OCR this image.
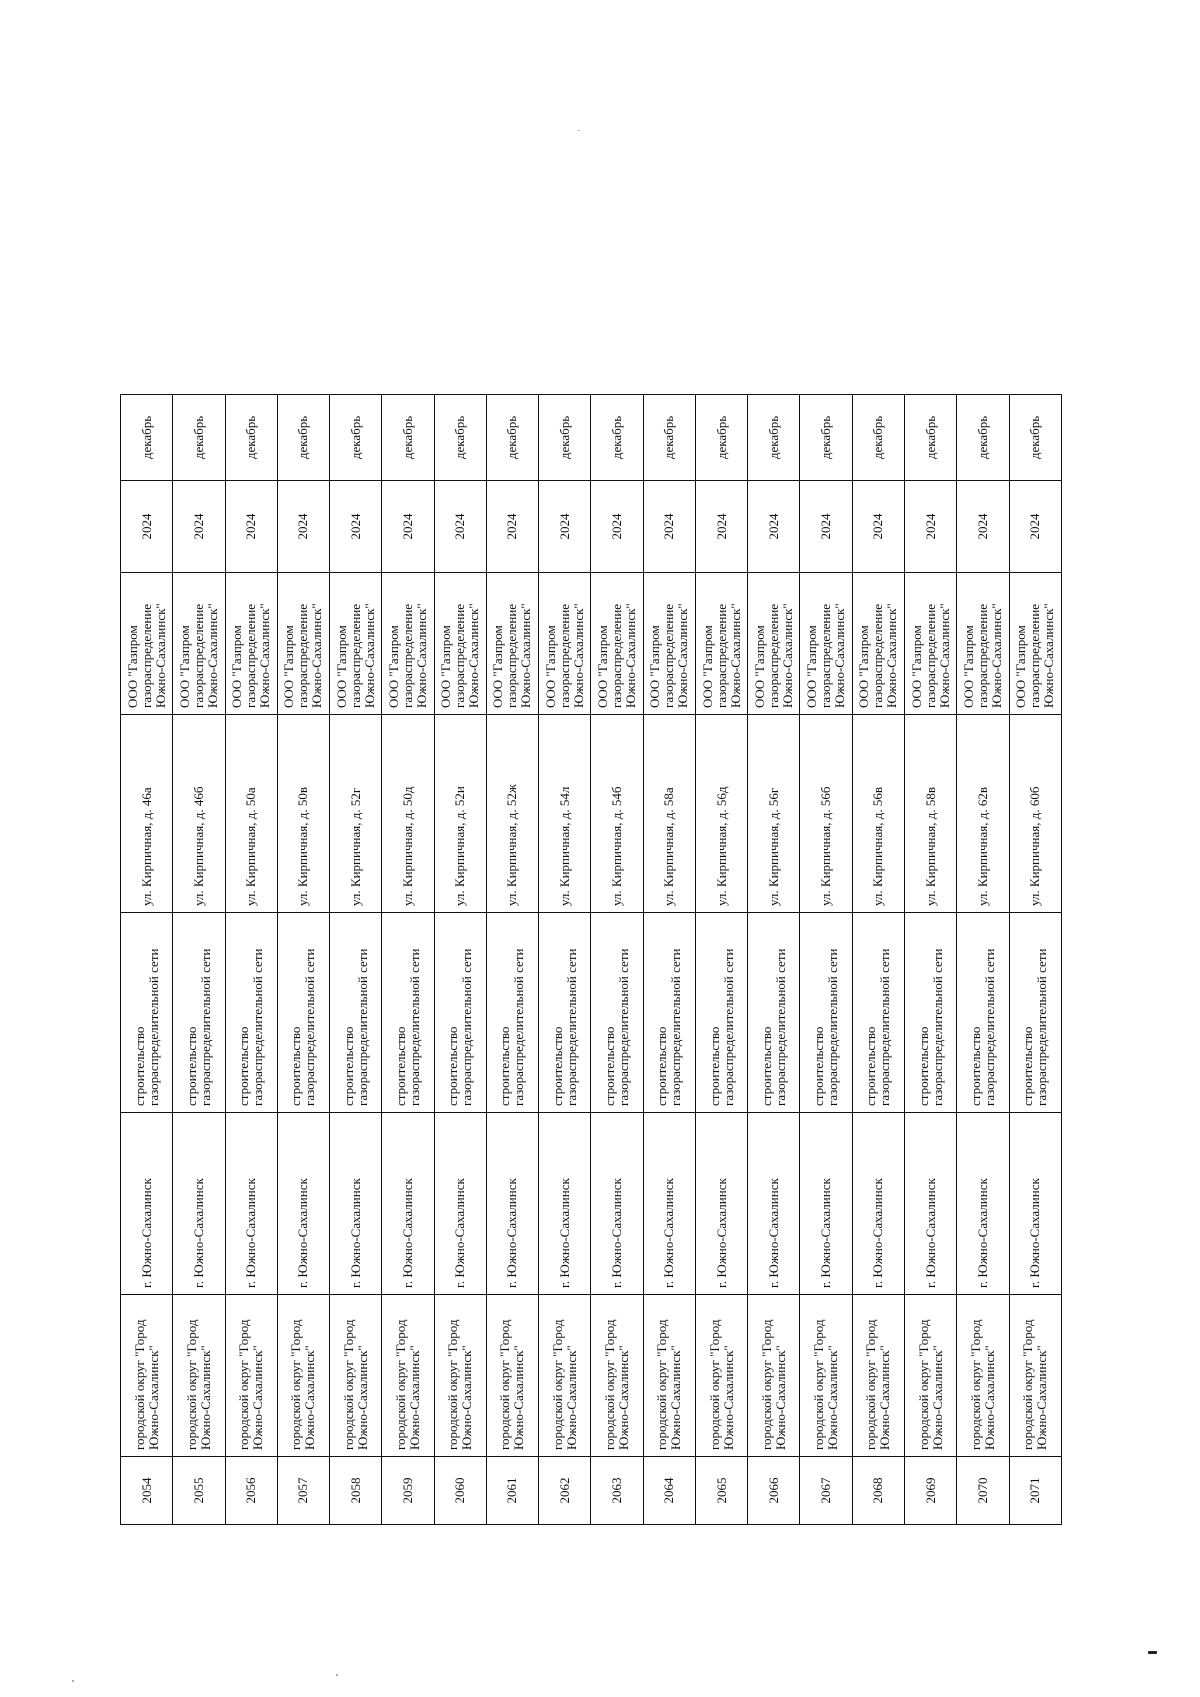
2054	городской округ "Город Южно-Сахалинск"	г. Южно-Сахалинск	строительство газораспределительной сети	ул. Кирпичная, д. 46а	ООО "Газпром газораспределение Южно-Сахалинск"	2024	декабрь
2055	городской округ "Город Южно-Сахалинск"	г. Южно-Сахалинск	строительство газораспределительной сети	ул. Кирпичная, д. 46б	ООО "Газпром газораспределение Южно-Сахалинск"	2024	декабрь
2056	городской округ "Город Южно-Сахалинск"	г. Южно-Сахалинск	строительство газораспределительной сети	ул. Кирпичная, д. 50а	ООО "Газпром газораспределение Южно-Сахалинск"	2024	декабрь
2057	городской округ "Город Южно-Сахалинск"	г. Южно-Сахалинск	строительство газораспределительной сети	ул. Кирпичная, д. 50в	ООО "Газпром газораспределение Южно-Сахалинск"	2024	декабрь
2058	городской округ "Город Южно-Сахалинск"	г. Южно-Сахалинск	строительство газораспределительной сети	ул. Кирпичная, д. 52г	ООО "Газпром газораспределение Южно-Сахалинск"	2024	декабрь
2059	городской округ "Город Южно-Сахалинск"	г. Южно-Сахалинск	строительство газораспределительной сети	ул. Кирпичная, д. 50д	ООО "Газпром газораспределение Южно-Сахалинск"	2024	декабрь
2060	городской округ "Город Южно-Сахалинск"	г. Южно-Сахалинск	строительство газораспределительной сети	ул. Кирпичная, д. 52и	ООО "Газпром газораспределение Южно-Сахалинск"	2024	декабрь
2061	городской округ "Город Южно-Сахалинск"	г. Южно-Сахалинск	строительство газораспределительной сети	ул. Кирпичная, д. 52ж	ООО "Газпром газораспределение Южно-Сахалинск"	2024	декабрь
2062	городской округ "Город Южно-Сахалинск"	г. Южно-Сахалинск	строительство газораспределительной сети	ул. Кирпичная, д. 54л	ООО "Газпром газораспределение Южно-Сахалинск"	2024	декабрь
2063	городской округ "Город Южно-Сахалинск"	г. Южно-Сахалинск	строительство газораспределительной сети	ул. Кирпичная, д. 54б	ООО "Газпром газораспределение Южно-Сахалинск"	2024	декабрь
2064	городской округ "Город Южно-Сахалинск"	г. Южно-Сахалинск	строительство газораспределительной сети	ул. Кирпичная, д. 58а	ООО "Газпром газораспределение Южно-Сахалинск"	2024	декабрь
2065	городской округ "Город Южно-Сахалинск"	г. Южно-Сахалинск	строительство газораспределительной сети	ул. Кирпичная, д. 56д	ООО "Газпром газораспределение Южно-Сахалинск"	2024	декабрь
2066	городской округ "Город Южно-Сахалинск"	г. Южно-Сахалинск	строительство газораспределительной сети	ул. Кирпичная, д. 56г	ООО "Газпром газораспределение Южно-Сахалинск"	2024	декабрь
2067	городской округ "Город Южно-Сахалинск"	г. Южно-Сахалинск	строительство газораспределительной сети	ул. Кирпичная, д. 56б	ООО "Газпром газораспределение Южно-Сахалинск"	2024	декабрь
2068	городской округ "Город Южно-Сахалинск"	г. Южно-Сахалинск	строительство газораспределительной сети	ул. Кирпичная, д. 56в	ООО "Газпром газораспределение Южно-Сахалинск"	2024	декабрь
2069	городской округ "Город Южно-Сахалинск"	г. Южно-Сахалинск	строительство газораспределительной сети	ул. Кирпичная, д. 58в	ООО "Газпром газораспределение Южно-Сахалинск"	2024	декабрь
2070	городской округ "Город Южно-Сахалинск"	г. Южно-Сахалинск	строительство газораспределительной сети	ул. Кирпичная, д. 62в	ООО "Газпром газораспределение Южно-Сахалинск"	2024	декабрь
2071	городской округ "Город Южно-Сахалинск"	г. Южно-Сахалинск	строительство газораспределительной сети	ул. Кирпичная, д. 60б	ООО "Газпром газораспределение Южно-Сахалинск"	2024	декабрь
